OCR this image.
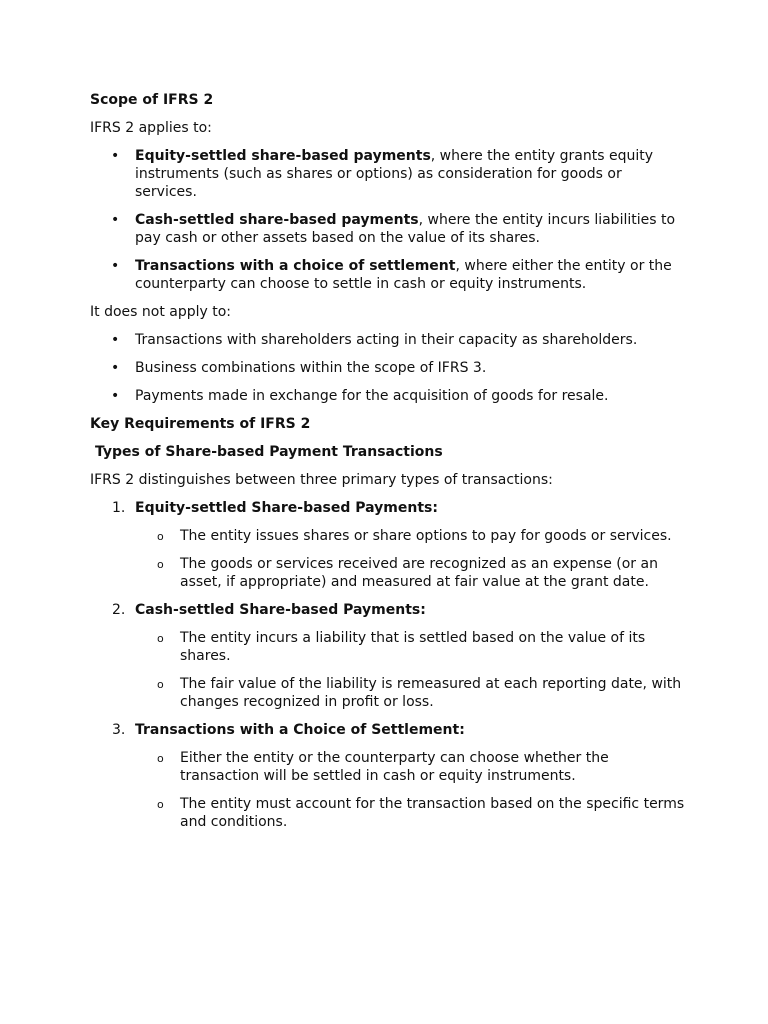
Scope of IFRS 2
IFRS 2 applies to:
• Equity-settled share-based payments, where the entity grants equity instruments (such as shares or options) as consideration for goods or services.
• Cash-settled share-based payments, where the entity incurs liabilities to pay cash or other assets based on the value of its shares.
• Transactions with a choice of settlement, where either the entity or the counterparty can choose to settle in cash or equity instruments.
It does not apply to:
• Transactions with shareholders acting in their capacity as shareholders.
• Business combinations within the scope of IFRS 3.
• Payments made in exchange for the acquisition of goods for resale.
Key Requirements of IFRS 2
Types of Share-based Payment Transactions
IFRS 2 distinguishes between three primary types of transactions:
1. Equity-settled Share-based Payments:
o The entity issues shares or share options to pay for goods or services.
o The goods or services received are recognized as an expense (or an asset, if appropriate) and measured at fair value at the grant date.
2. Cash-settled Share-based Payments:
o The entity incurs a liability that is settled based on the value of its shares.
o The fair value of the liability is remeasured at each reporting date, with changes recognized in profit or loss.
3. Transactions with a Choice of Settlement:
o Either the entity or the counterparty can choose whether the transaction will be settled in cash or equity instruments.
o The entity must account for the transaction based on the specific terms and conditions.
